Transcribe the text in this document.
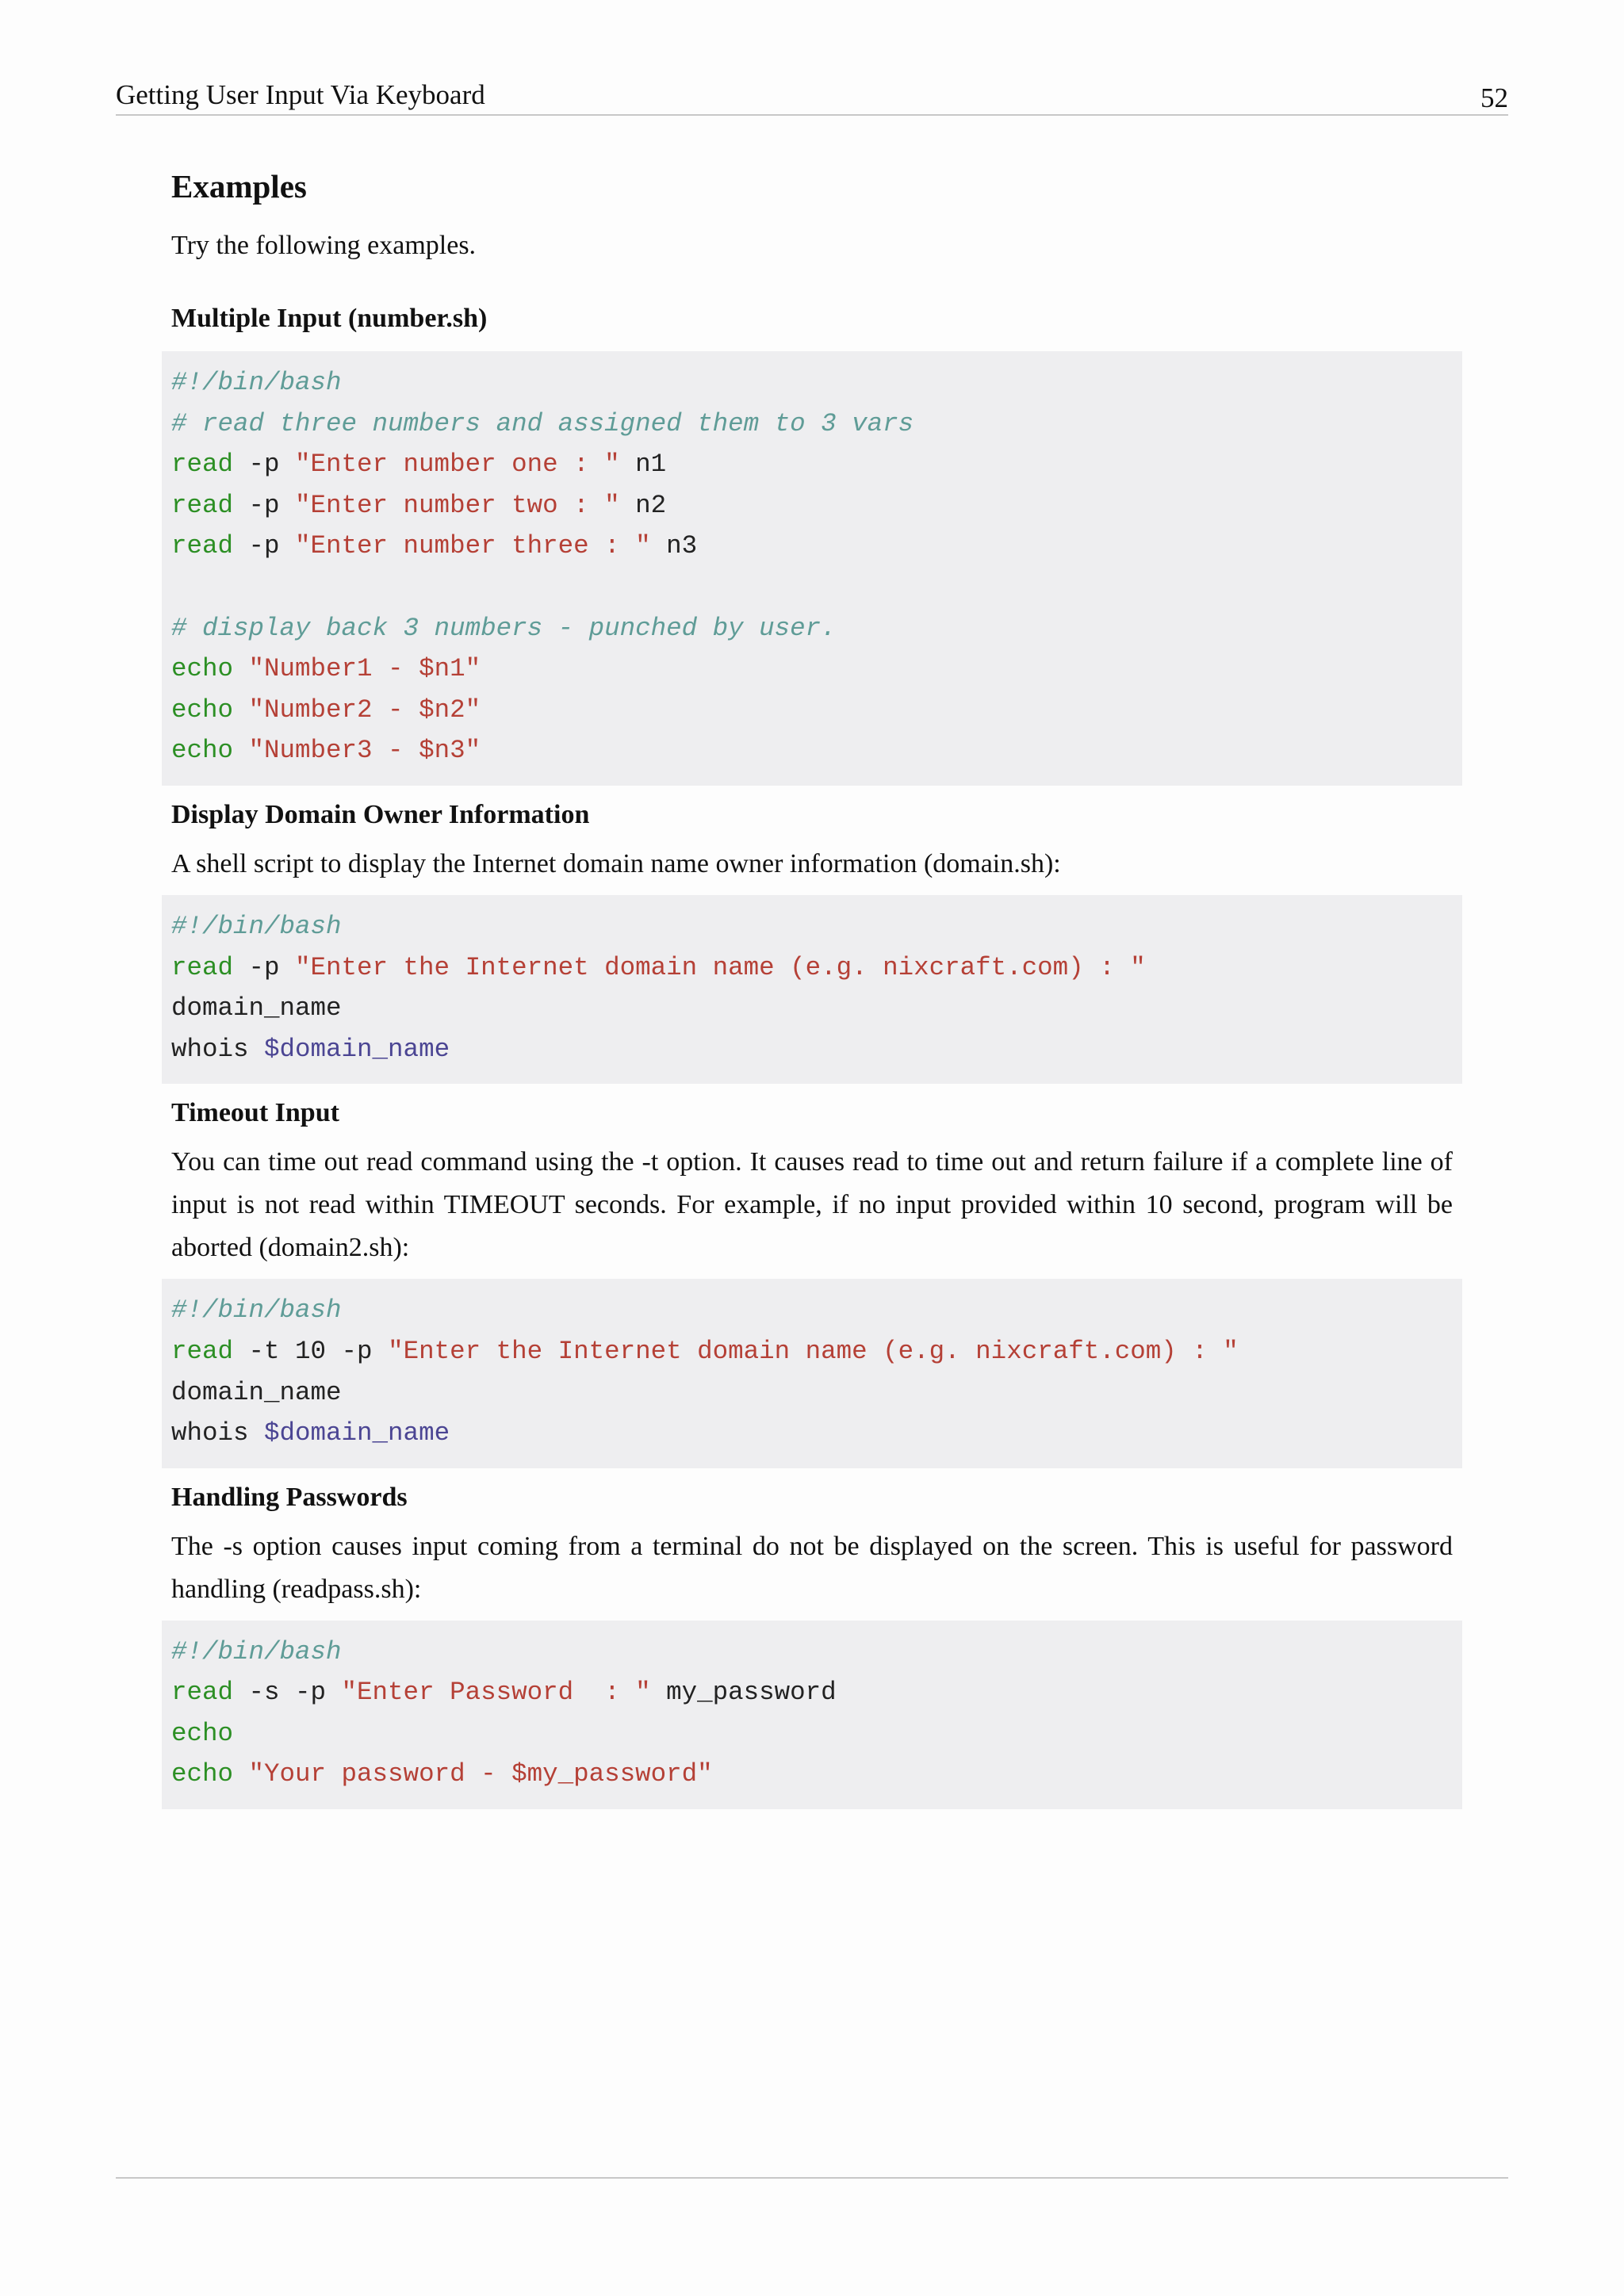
Getting User Input Via Keyboard	52
Examples

Try the following examples.

Multiple Input (number.sh)
#!/bin/bash
# read three numbers and assigned them to 3 vars
read -p "Enter number one : " n1
read -p "Enter number two : " n2
read -p "Enter number three : " n3
# display back 3 numbers - punched by user.
echo "Number1 - $n1"
echo "Number2 - $n2"
echo "Number3 - $n3"
Display Domain Owner Information

A shell script to display the Internet domain name owner information (domain.sh):

#!/bin/bash
read -p "Enter the Internet domain name (e.g. nixcraft.com) : "
domain_name
whois $domain_name
Timeout Input

You can time out read command using the -t option. It causes read to time out and return failure if a complete line of input is not read within TIMEOUT seconds. For example, if no input provided within 10 second, program will be aborted (domain2.sh):

#!/bin/bash
read -t 10 -p "Enter the Internet domain name (e.g. nixcraft.com) : "
domain_name
whois $domain_name
Handling Passwords

The -s option causes input coming from a terminal do not be displayed on the screen. This is useful for password handling (readpass.sh):

#!/bin/bash
read -s -p "Enter Password  : " my_password
echo
echo "Your password - $my_password"
